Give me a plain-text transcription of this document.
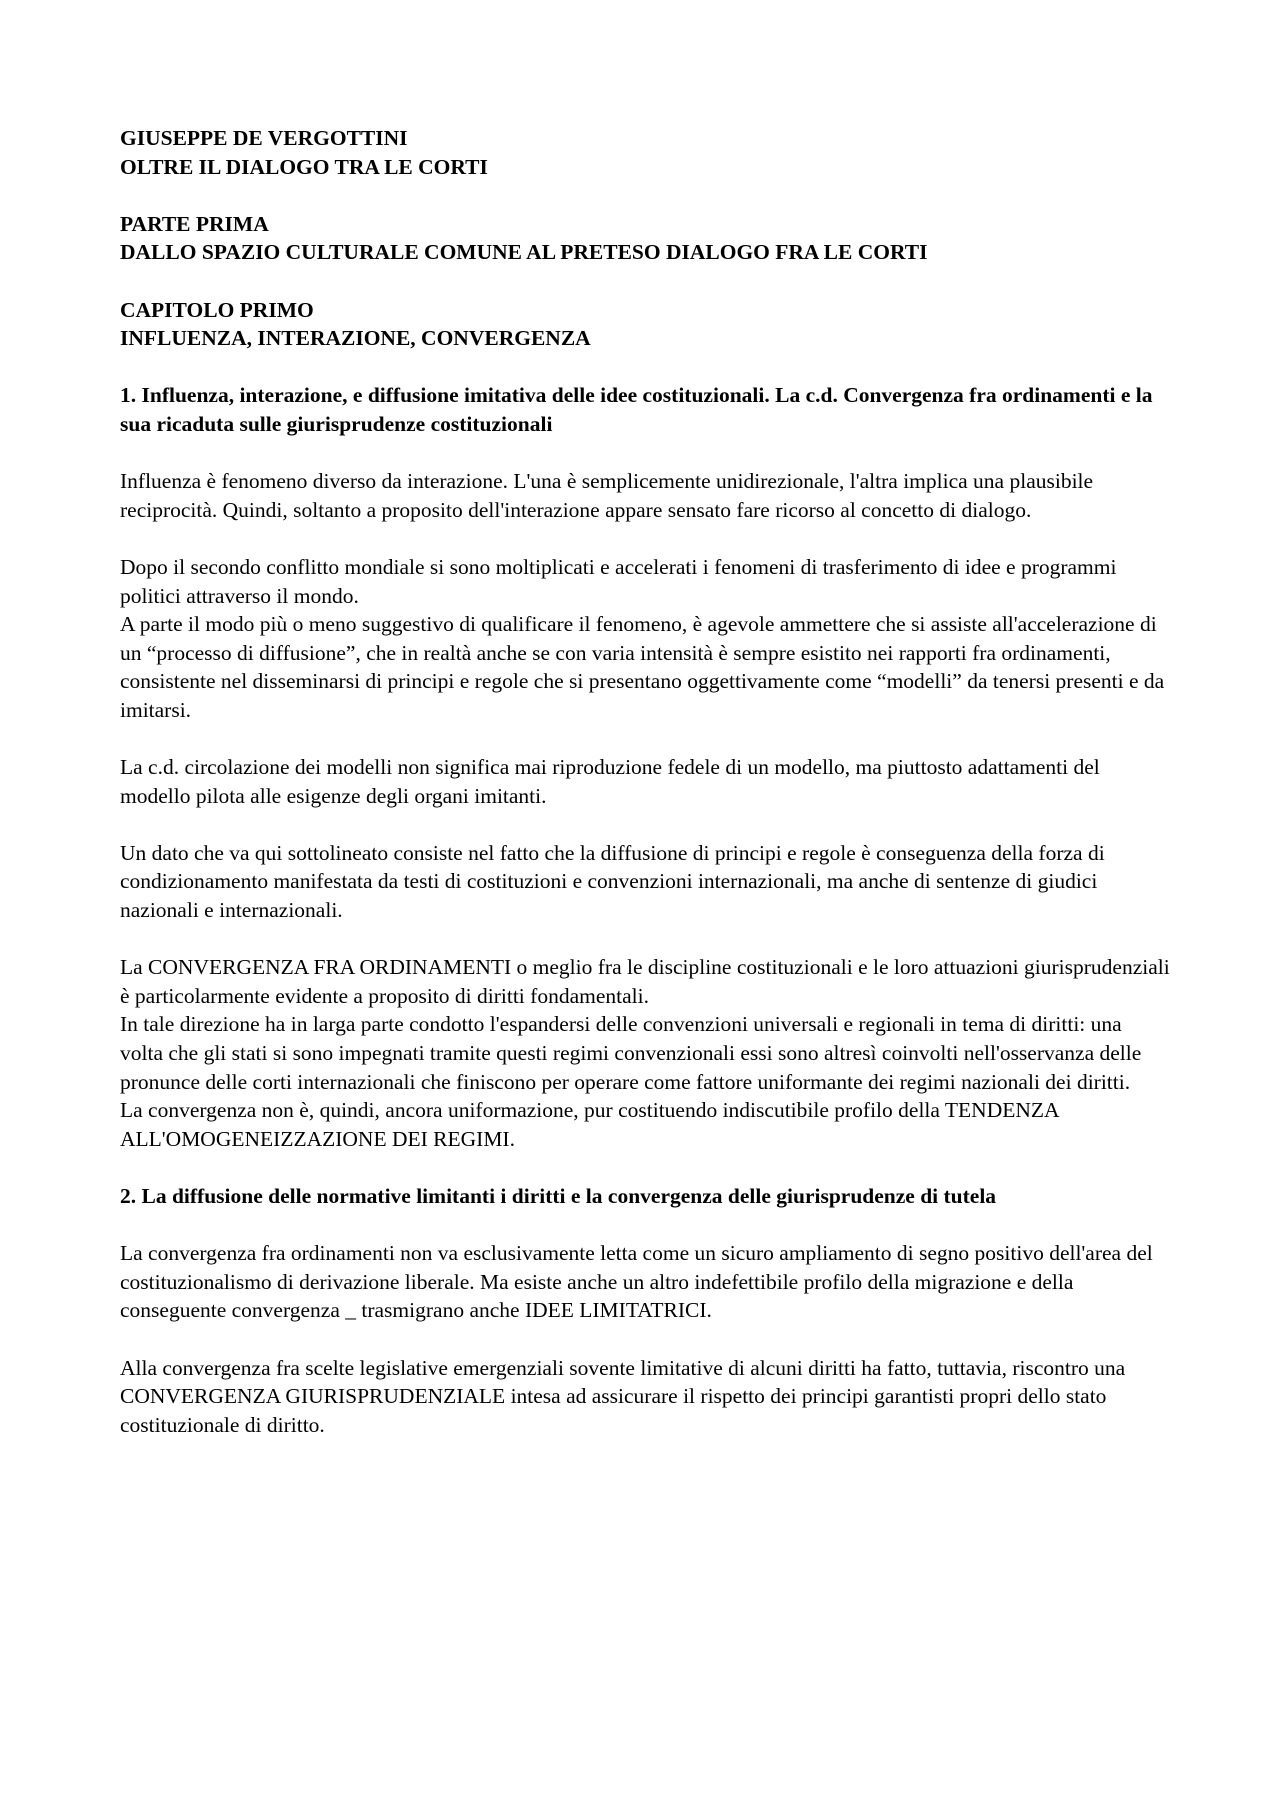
GIUSEPPE DE VERGOTTINI

OLTRE IL DIALOGO TRA LE CORTI

PARTE PRIMA

DALLO SPAZIO CULTURALE COMUNE AL PRETESO DIALOGO FRA LE CORTI

CAPITOLO PRIMO

INFLUENZA, INTERAZIONE, CONVERGENZA

1. Influenza, interazione, e diffusione imitativa delle idee costituzionali. La c.d. Convergenza fra ordinamenti e la sua ricaduta sulle giurisprudenze costituzionali

Influenza è fenomeno diverso da interazione. L'una è semplicemente unidirezionale, l'altra implica una plausibile reciprocità. Quindi, soltanto a proposito dell'interazione appare sensato fare ricorso al concetto di dialogo.

Dopo il secondo conflitto mondiale si sono moltiplicati e accelerati i fenomeni di trasferimento di idee e programmi politici attraverso il mondo.

A parte il modo più o meno suggestivo di qualificare il fenomeno, è agevole ammettere che si assiste all'accelerazione di un “processo di diffusione”, che in realtà anche se con varia intensità è sempre esistito nei rapporti fra ordinamenti, consistente nel disseminarsi di principi e regole che si presentano oggettivamente come “modelli” da tenersi presenti e da imitarsi.

La c.d. circolazione dei modelli non significa mai riproduzione fedele di un modello, ma piuttosto adattamenti del modello pilota alle esigenze degli organi imitanti.

Un dato che va qui sottolineato consiste nel fatto che la diffusione di principi e regole è conseguenza della forza di condizionamento manifestata da testi di costituzioni e convenzioni internazionali, ma anche di sentenze di giudici nazionali e internazionali.

La CONVERGENZA FRA ORDINAMENTI o meglio fra le discipline costituzionali e le loro attuazioni giurisprudenziali è particolarmente evidente a proposito di diritti fondamentali.

In tale direzione ha in larga parte condotto l'espandersi delle convenzioni universali e regionali in tema di diritti: una volta che gli stati si sono impegnati tramite questi regimi convenzionali essi sono altresì coinvolti nell'osservanza delle pronunce delle corti internazionali che finiscono per operare come fattore uniformante dei regimi nazionali dei diritti.

La convergenza non è, quindi, ancora uniformazione, pur costituendo indiscutibile profilo della TENDENZA ALL'OMOGENEIZZAZIONE DEI REGIMI.

2. La diffusione delle normative limitanti i diritti e la convergenza delle giurisprudenze di tutela

La convergenza fra ordinamenti non va esclusivamente letta come un sicuro ampliamento di segno positivo dell'area del costituzionalismo di derivazione liberale. Ma esiste anche un altro indefettibile profilo della migrazione e della conseguente convergenza _ trasmigrano anche IDEE LIMITATRICI.

Alla convergenza fra scelte legislative emergenziali sovente limitative di alcuni diritti ha fatto, tuttavia, riscontro una CONVERGENZA GIURISPRUDENZIALE intesa ad assicurare il rispetto dei principi garantisti propri dello stato costituzionale di diritto.
